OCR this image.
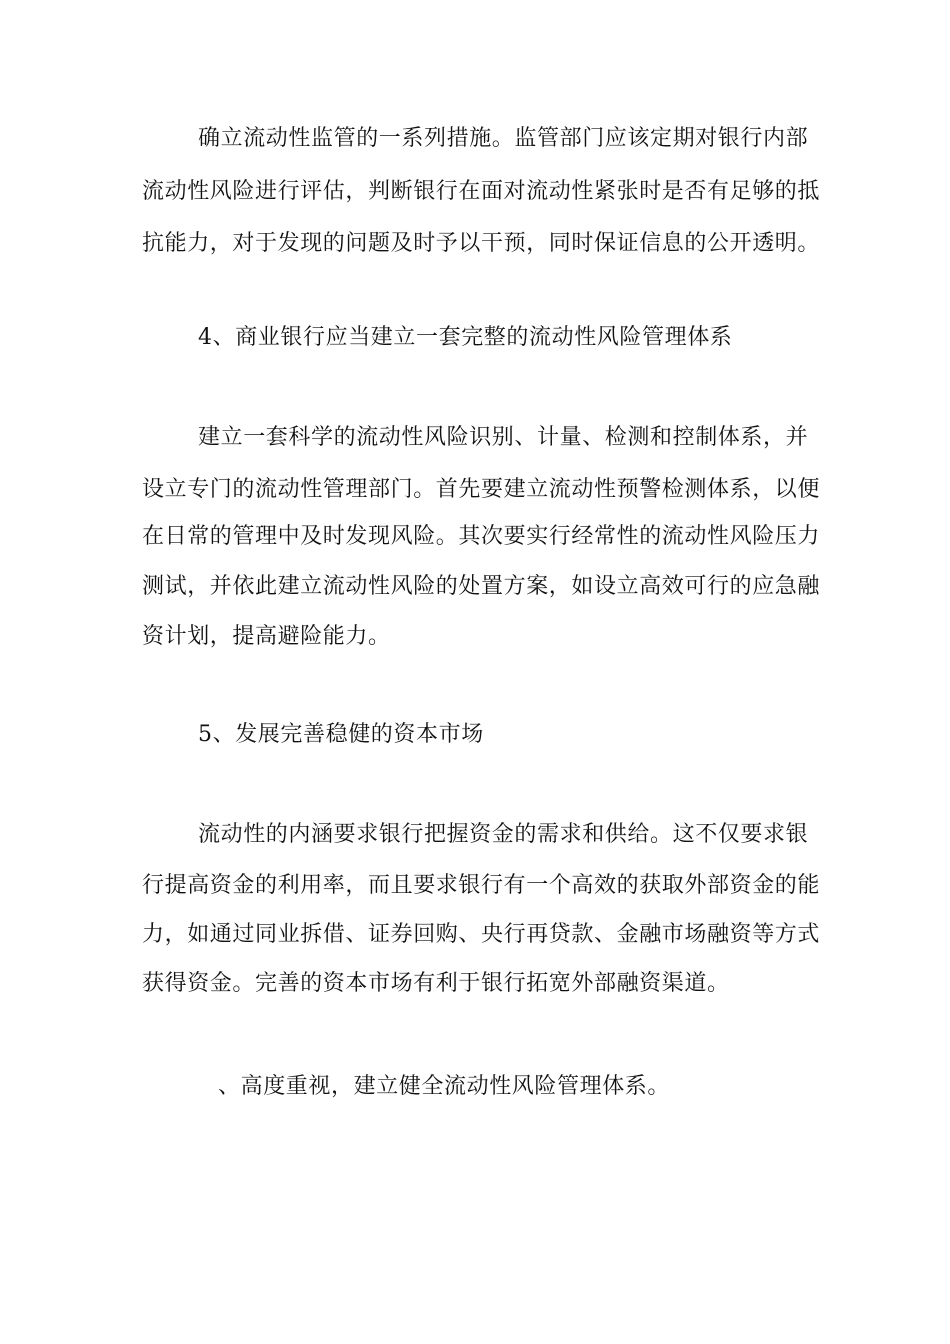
确立流动性监管的一系列措施。监管部门应该定期对银行内部
流动性风险进行评估，判断银行在面对流动性紧张时是否有足够的抵
抗能力，对于发现的问题及时予以干预，同时保证信息的公开透明。
4、商业银行应当建立一套完整的流动性风险管理体系
建立一套科学的流动性风险识别、计量、检测和控制体系，并
设立专门的流动性管理部门。首先要建立流动性预警检测体系，以便
在日常的管理中及时发现风险。其次要实行经常性的流动性风险压力
测试，并依此建立流动性风险的处置方案，如设立高效可行的应急融
资计划，提高避险能力。
5、发展完善稳健的资本市场
流动性的内涵要求银行把握资金的需求和供给。这不仅要求银
行提高资金的利用率，而且要求银行有一个高效的获取外部资金的能
力，如通过同业拆借、证券回购、央行再贷款、金融市场融资等方式
获得资金。完善的资本市场有利于银行拓宽外部融资渠道。
、高度重视，建立健全流动性风险管理体系。
